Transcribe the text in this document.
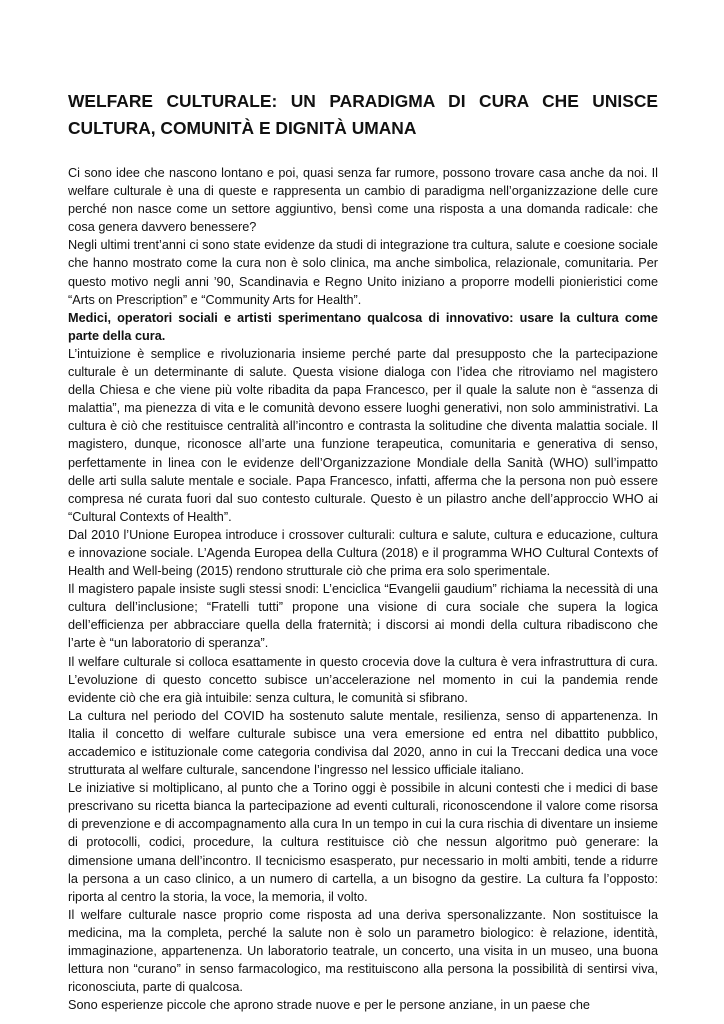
WELFARE CULTURALE: UN PARADIGMA DI CURA CHE UNISCE CULTURA, COMUNITÀ E DIGNITÀ UMANA

Ci sono idee che nascono lontano e poi, quasi senza far rumore, possono trovare casa anche da noi. Il welfare culturale è una di queste e rappresenta un cambio di paradigma nell’organizzazione delle cure perché non nasce come un settore aggiuntivo, bensì come una risposta a una domanda radicale: che cosa genera davvero benessere?

Negli ultimi trent’anni ci sono state evidenze da studi di integrazione tra cultura, salute e coesione sociale che hanno mostrato come la cura non è solo clinica, ma anche simbolica, relazionale, comunitaria. Per questo motivo negli anni ’90, Scandinavia e Regno Unito iniziano a proporre modelli pionieristici come “Arts on Prescription” e “Community Arts for Health”.

Medici, operatori sociali e artisti sperimentano qualcosa di innovativo: usare la cultura come parte della cura.

L’intuizione è semplice e rivoluzionaria insieme perché parte dal presupposto che la partecipazione culturale è un determinante di salute. Questa visione dialoga con l’idea che ritroviamo nel magistero della Chiesa e che viene più volte ribadita da papa Francesco, per il quale la salute non è “assenza di malattia”, ma pienezza di vita e le comunità devono essere luoghi generativi, non solo amministrativi. La cultura è ciò che restituisce centralità all’incontro e contrasta la solitudine che diventa malattia sociale. Il magistero, dunque, riconosce all’arte una funzione terapeutica, comunitaria e generativa di senso, perfettamente in linea con le evidenze dell’Organizzazione Mondiale della Sanità (WHO) sull’impatto delle arti sulla salute mentale e sociale. Papa Francesco, infatti, afferma che la persona non può essere compresa né curata fuori dal suo contesto culturale. Questo è un pilastro anche dell’approccio WHO ai “Cultural Contexts of Health”.

Dal 2010 l’Unione Europea introduce i crossover culturali: cultura e salute, cultura e educazione, cultura e innovazione sociale. L’Agenda Europea della Cultura (2018) e il programma WHO Cultural Contexts of Health and Well-being (2015) rendono strutturale ciò che prima era solo sperimentale.

Il magistero papale insiste sugli stessi snodi: L’enciclica “Evangelii gaudium” richiama la necessità di una cultura dell’inclusione; “Fratelli tutti” propone una visione di cura sociale che supera la logica dell’efficienza per abbracciare quella della fraternità; i discorsi ai mondi della cultura ribadiscono che l’arte è “un laboratorio di speranza”.

Il welfare culturale si colloca esattamente in questo crocevia dove la cultura è vera infrastruttura di cura. L’evoluzione di questo concetto subisce un’accelerazione nel momento in cui la pandemia rende evidente ciò che era già intuibile: senza cultura, le comunità si sfibrano.

La cultura nel periodo del COVID ha sostenuto salute mentale, resilienza, senso di appartenenza. In Italia il concetto di welfare culturale subisce una vera emersione ed entra nel dibattito pubblico, accademico e istituzionale come categoria condivisa dal 2020, anno in cui la Treccani dedica una voce strutturata al welfare culturale, sancendone l’ingresso nel lessico ufficiale italiano.

Le iniziative si moltiplicano, al punto che a Torino oggi è possibile in alcuni contesti che i medici di base prescrivano su ricetta bianca la partecipazione ad eventi culturali, riconoscendone il valore come risorsa di prevenzione e di accompagnamento alla cura In un tempo in cui la cura rischia di diventare un insieme di protocolli, codici, procedure, la cultura restituisce ciò che nessun algoritmo può generare: la dimensione umana dell’incontro. Il tecnicismo esasperato, pur necessario in molti ambiti, tende a ridurre la persona a un caso clinico, a un numero di cartella, a un bisogno da gestire. La cultura fa l’opposto: riporta al centro la storia, la voce, la memoria, il volto.

Il welfare culturale nasce proprio come risposta ad una deriva spersonalizzante. Non sostituisce la medicina, ma la completa, perché la salute non è solo un parametro biologico: è relazione, identità, immaginazione, appartenenza. Un laboratorio teatrale, un concerto, una visita in un museo, una buona lettura non “curano” in senso farmacologico, ma restituiscono alla persona la possibilità di sentirsi viva, riconosciuta, parte di qualcosa.

Sono esperienze piccole che aprono strade nuove e per le persone anziane, in un paese che
